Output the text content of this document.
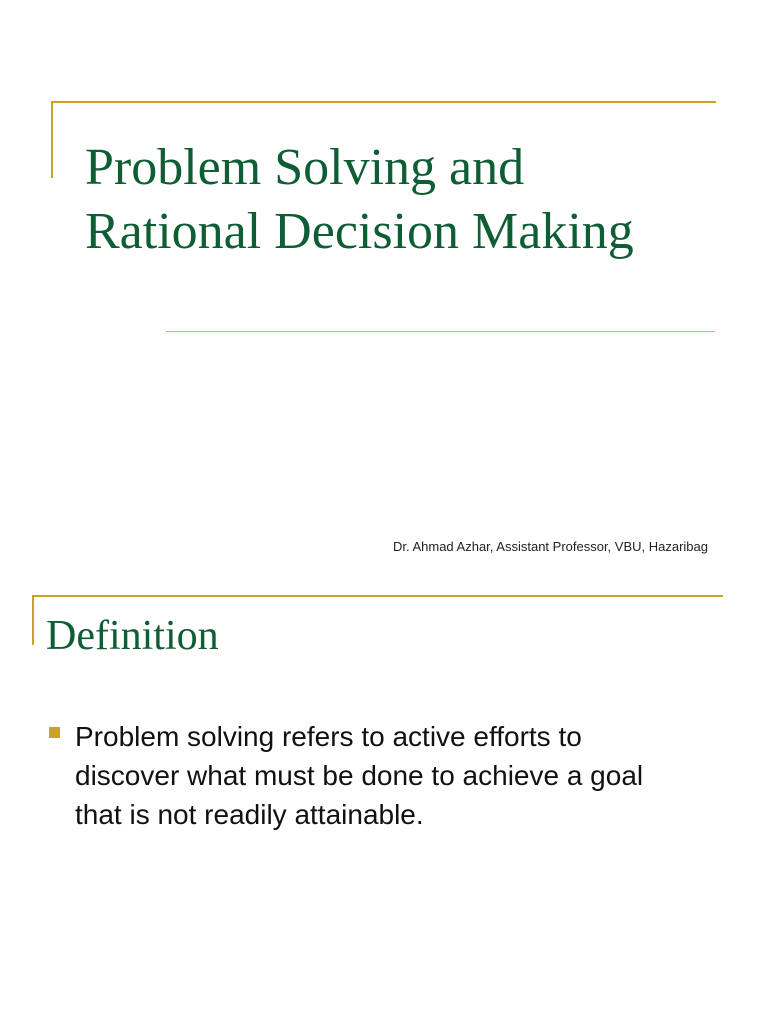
Problem Solving and
Rational Decision Making
Dr. Ahmad Azhar, Assistant Professor, VBU, Hazaribag
Definition
Problem solving refers to active efforts to discover what must be done to achieve a goal that is not readily attainable.
